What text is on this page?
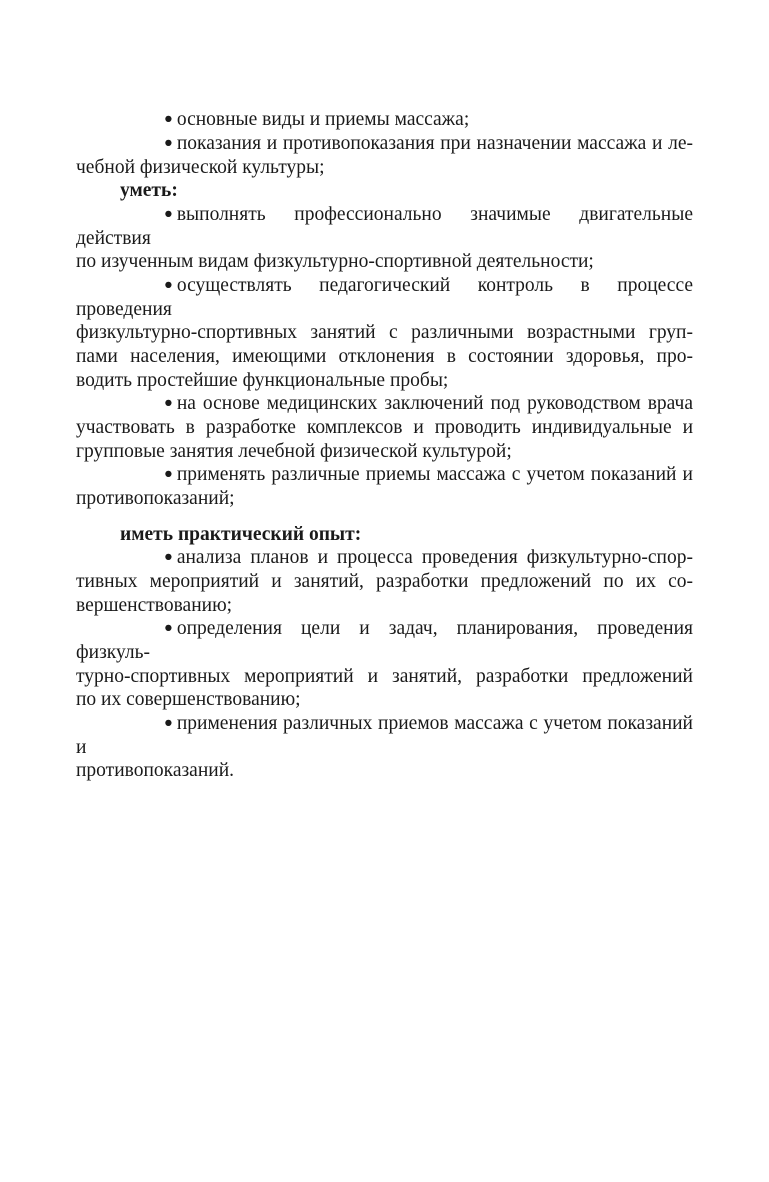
● основные виды и приемы массажа;
● показания и противопоказания при назначении массажа и ле-
чебной физической культуры;

уметь:

● выполнять профессионально значимые двигательные действия
по изученным видам физкультурно-спортивной деятельности;
● осуществлять педагогический контроль в процессе проведения
физкультурно-спортивных занятий с различными возрастными груп-
пами населения, имеющими отклонения в состоянии здоровья, про-
водить простейшие функциональные пробы;
● на основе медицинских заключений под руководством врача
участвовать в разработке комплексов и проводить индивидуальные и
групповые занятия лечебной физической культурой;
● применять различные приемы массажа с учетом показаний и
противопоказаний;

иметь практический опыт:

● анализа планов и процесса проведения физкультурно-спор-
тивных мероприятий и занятий, разработки предложений по их со-
вершенствованию;
● определения цели и задач, планирования, проведения физкуль-
турно-спортивных мероприятий и занятий, разработки предложений
по их совершенствованию;
● применения различных приемов массажа с учетом показаний и
противопоказаний.
